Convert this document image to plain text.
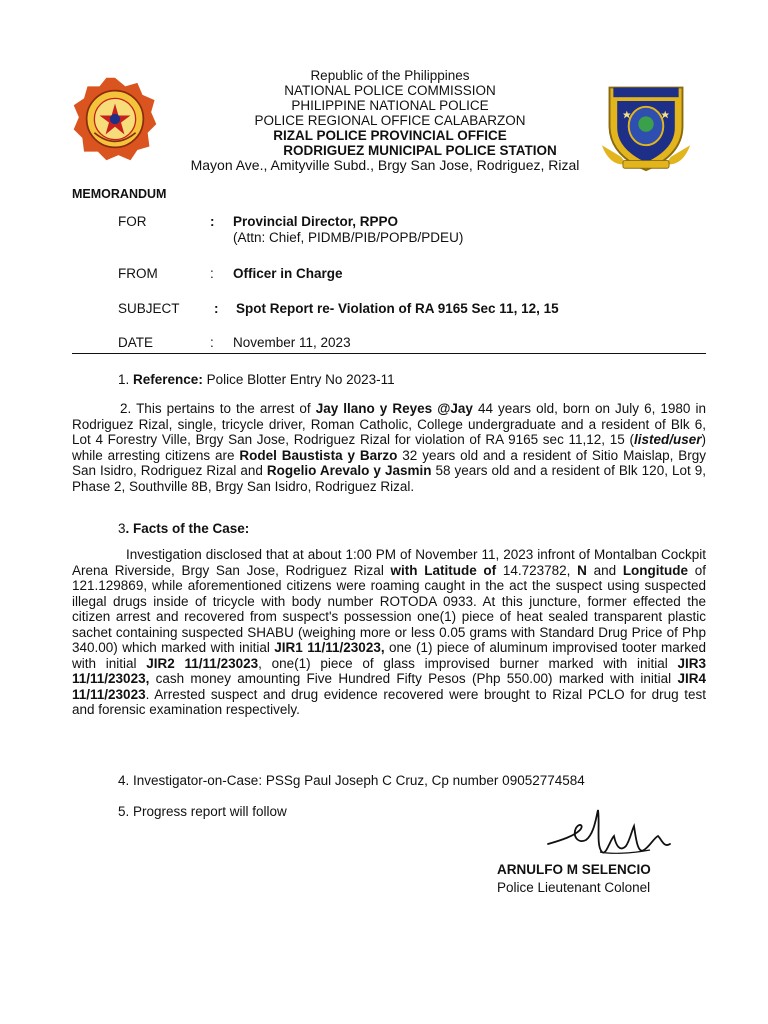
Republic of the Philippines
NATIONAL POLICE COMMISSION
PHILIPPINE NATIONAL POLICE
POLICE REGIONAL OFFICE CALABARZON
RIZAL POLICE PROVINCIAL OFFICE
RODRIGUEZ MUNICIPAL POLICE STATION
Mayon Ave., Amityville Subd., Brgy San Jose, Rodriguez, Rizal
MEMORANDUM
FOR	: Provincial Director, RPPO
(Attn: Chief, PIDMB/PIB/POPB/PDEU)
FROM	: Officer in Charge
SUBJECT	: Spot Report re- Violation of RA 9165 Sec 11, 12, 15
DATE	: November 11, 2023
1. Reference: Police Blotter Entry No 2023-11
2. This pertains to the arrest of Jay llano y Reyes @Jay 44 years old, born on July 6, 1980 in Rodriguez Rizal, single, tricycle driver, Roman Catholic, College undergraduate and a resident of Blk 6, Lot 4 Forestry Ville, Brgy San Jose, Rodriguez Rizal for violation of RA 9165 sec 11,12, 15 (listed/user) while arresting citizens are Rodel Baustista y Barzo 32 years old and a resident of Sitio Maislap, Brgy San Isidro, Rodriguez Rizal and Rogelio Arevalo y Jasmin 58 years old and a resident of Blk 120, Lot 9, Phase 2, Southville 8B, Brgy San Isidro, Rodriguez Rizal.
3. Facts of the Case:
Investigation disclosed that at about 1:00 PM of November 11, 2023 infront of Montalban Cockpit Arena Riverside, Brgy San Jose, Rodriguez Rizal with Latitude of 14.723782, N and Longitude of 121.129869, while aforementioned citizens were roaming caught in the act the suspect using suspected illegal drugs inside of tricycle with body number ROTODA 0933. At this juncture, former effected the citizen arrest and recovered from suspect's possession one(1) piece of heat sealed transparent plastic sachet containing suspected SHABU (weighing more or less 0.05 grams with Standard Drug Price of Php 340.00) which marked with initial JIR1 11/11/23023, one (1) piece of aluminum improvised tooter marked with initial JIR2 11/11/23023, one(1) piece of glass improvised burner marked with initial JIR3 11/11/23023, cash money amounting Five Hundred Fifty Pesos (Php 550.00) marked with initial JIR4 11/11/23023. Arrested suspect and drug evidence recovered were brought to Rizal PCLO for drug test and forensic examination respectively.
4. Investigator-on-Case: PSSg Paul Joseph C Cruz, Cp number 09052774584
5. Progress report will follow
ARNULFO M SELENCIO
Police Lieutenant Colonel
